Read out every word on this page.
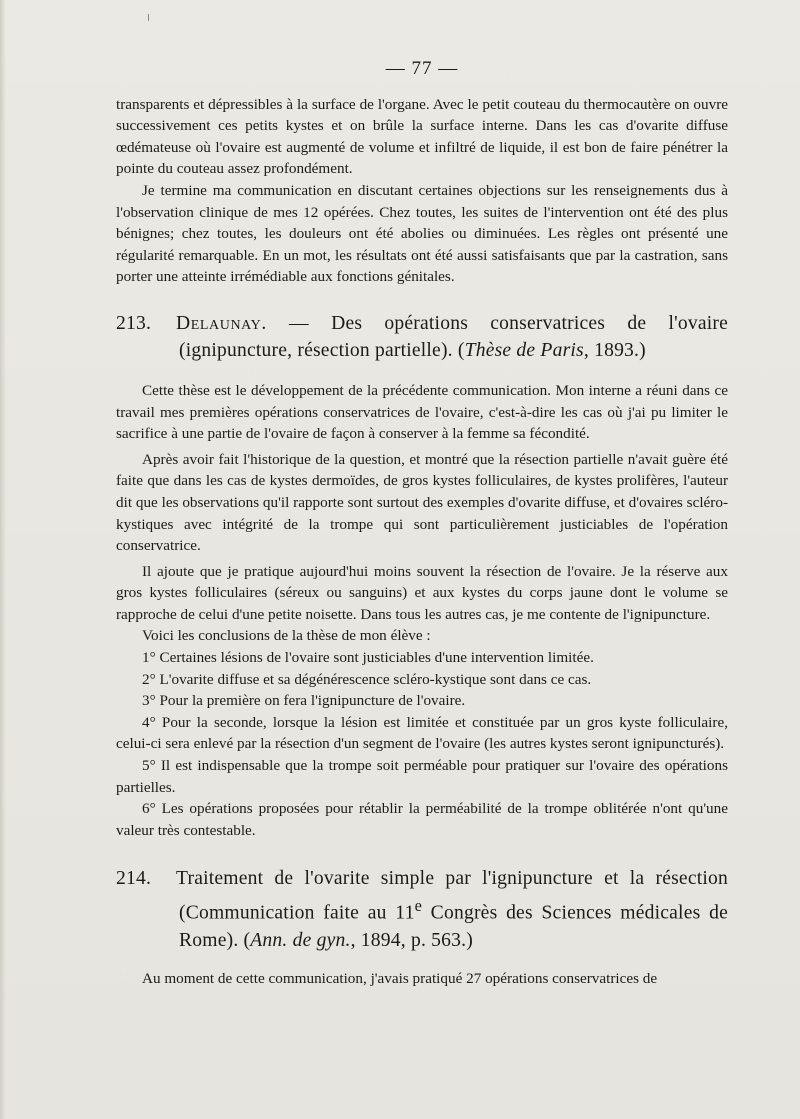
— 77 —

transparents et dépressibles à la surface de l'organe. Avec le petit couteau du thermocautère on ouvre successivement ces petits kystes et on brûle la surface interne. Dans les cas d'ovarite diffuse œdémateuse où l'ovaire est augmenté de volume et infiltré de liquide, il est bon de faire pénétrer la pointe du couteau assez profondément.

Je termine ma communication en discutant certaines objections sur les renseignements dus à l'observation clinique de mes 12 opérées. Chez toutes, les suites de l'intervention ont été des plus bénignes; chez toutes, les douleurs ont été abolies ou diminuées. Les règles ont présenté une régularité remarquable. En un mot, les résultats ont été aussi satisfaisants que par la castration, sans porter une atteinte irrémédiable aux fonctions génitales.

213. Delaunay. — Des opérations conservatrices de l'ovaire (ignipuncture, résection partielle). (Thèse de Paris, 1893.)

Cette thèse est le développement de la précédente communication. Mon interne a réuni dans ce travail mes premières opérations conservatrices de l'ovaire, c'est-à-dire les cas où j'ai pu limiter le sacrifice à une partie de l'ovaire de façon à conserver à la femme sa fécondité.

Après avoir fait l'historique de la question, et montré que la résection partielle n'avait guère été faite que dans les cas de kystes dermoïdes, de gros kystes folliculaires, de kystes prolifères, l'auteur dit que les observations qu'il rapporte sont surtout des exemples d'ovarite diffuse, et d'ovaires scléro-kystiques avec intégrité de la trompe qui sont particulièrement justiciables de l'opération conservatrice.

Il ajoute que je pratique aujourd'hui moins souvent la résection de l'ovaire. Je la réserve aux gros kystes folliculaires (séreux ou sanguins) et aux kystes du corps jaune dont le volume se rapproche de celui d'une petite noisette. Dans tous les autres cas, je me contente de l'ignipuncture.

Voici les conclusions de la thèse de mon élève :

1° Certaines lésions de l'ovaire sont justiciables d'une intervention limitée.

2° L'ovarite diffuse et sa dégénérescence scléro-kystique sont dans ce cas.

3° Pour la première on fera l'ignipuncture de l'ovaire.

4° Pour la seconde, lorsque la lésion est limitée et constituée par un gros kyste folliculaire, celui-ci sera enlevé par la résection d'un segment de l'ovaire (les autres kystes seront ignipuncturés).

5° Il est indispensable que la trompe soit perméable pour pratiquer sur l'ovaire des opérations partielles.

6° Les opérations proposées pour rétablir la perméabilité de la trompe oblitérée n'ont qu'une valeur très contestable.

214. Traitement de l'ovarite simple par l'ignipuncture et la résection (Communication faite au 11e Congrès des Sciences médicales de Rome). (Ann. de gyn., 1894, p. 563.)

Au moment de cette communication, j'avais pratiqué 27 opérations conservatrices de
